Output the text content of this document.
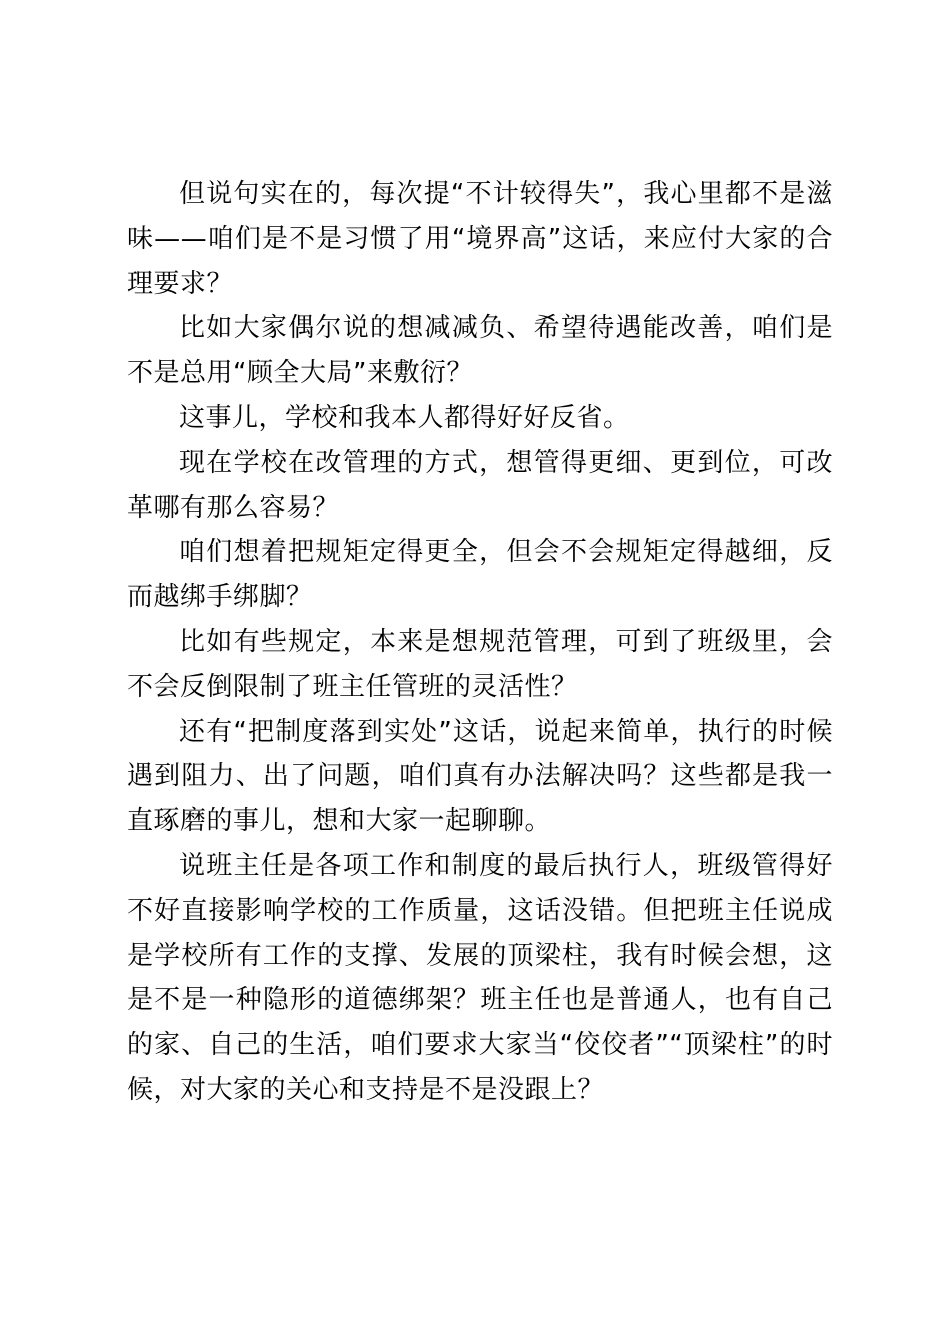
但说句实在的，每次提“不计较得失”，我心里都不是滋味——咱们是不是习惯了用“境界高”这话，来应付大家的合理要求？

比如大家偶尔说的想减减负、希望待遇能改善，咱们是不是总用“顾全大局”来敷衍？

这事儿，学校和我本人都得好好反省。

现在学校在改管理的方式，想管得更细、更到位，可改革哪有那么容易？

咱们想着把规矩定得更全，但会不会规矩定得越细，反而越绑手绑脚？

比如有些规定，本来是想规范管理，可到了班级里，会不会反倒限制了班主任管班的灵活性？

还有“把制度落到实处”这话，说起来简单，执行的时候遇到阻力、出了问题，咱们真有办法解决吗？这些都是我一直琢磨的事儿，想和大家一起聊聊。

说班主任是各项工作和制度的最后执行人，班级管得好不好直接影响学校的工作质量，这话没错。但把班主任说成是学校所有工作的支撑、发展的顶梁柱，我有时候会想，这是不是一种隐形的道德绑架？班主任也是普通人，也有自己的家、自己的生活，咱们要求大家当“佼佼者”“顶梁柱”的时候，对大家的关心和支持是不是没跟上？
